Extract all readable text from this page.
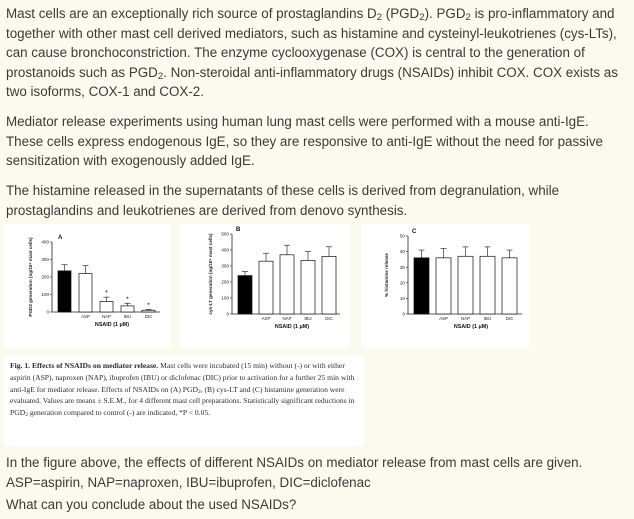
Mast cells are an exceptionally rich source of prostaglandins $D_2$ $(PGD_2)$. $PGD_2$ is pro-inflammatory and together with other mast cell derived mediators, such as histamine and cysteinyl-leukotrienes (cys-LTs), can cause bronchoconstriction. The enzyme cyclooxygenase (COX) is central to the generation of prostanoids such as $PGD_2$. Non-steroidal anti-inflammatory drugs (NSAIDs) inhibit COX. COX exists as two isoforms, COX-1 and COX-2.

Mediator release experiments using human lung mast cells were performed with a mouse anti-IgE. These cells express endogenous IgE, so they are responsive to anti-IgE without the need for passive sensitization with exogenously added IgE.

The histamine released in the supernatants of these cells is derived from degranulation, while prostaglandins and leukotrienes are derived from denovo synthesis.

A
0
100
200
300
400
PGD2 generation (ng/10⁶ mast cells)	ASP
*
NAP
*
IBU
*
DIC
NSAID (1 μM)
B
0
100
200
300
400
500
cys-LT generation (ng/10⁶ mast cells)
ASP	NAP	IBU	DIC
NSAID (1 μM)
C
0
10
20
30
40
50
% histamine release
ASP	NAP	IBU	DIC
NSAID (1 μM)
Fig. 1. Effects of NSAIDs on mediator release. Mast cells were incubated (15 min) without (-) or with either aspirin (ASP), naproxen (NAP), ibuprofen (IBU) or diclofenac (DIC) prior to activation for a further 25 min with anti-IgE for mediator release. Effects of NSAIDs on (A) $PGD_2$, (B) cys-LT and (C) histamine generation were evaluated. Values are means ± S.E.M., for 4 different mast cell preparations. Statistically significant reductions in $PGD_2$ generation compared to control (-) are indicated, *P < 0.05.

In the figure above, the effects of different NSAIDs on mediator release from mast cells are given. ASP=aspirin, NAP=naproxen, IBU=ibuprofen, DIC=diclofenac

What can you conclude about the used NSAIDs?
